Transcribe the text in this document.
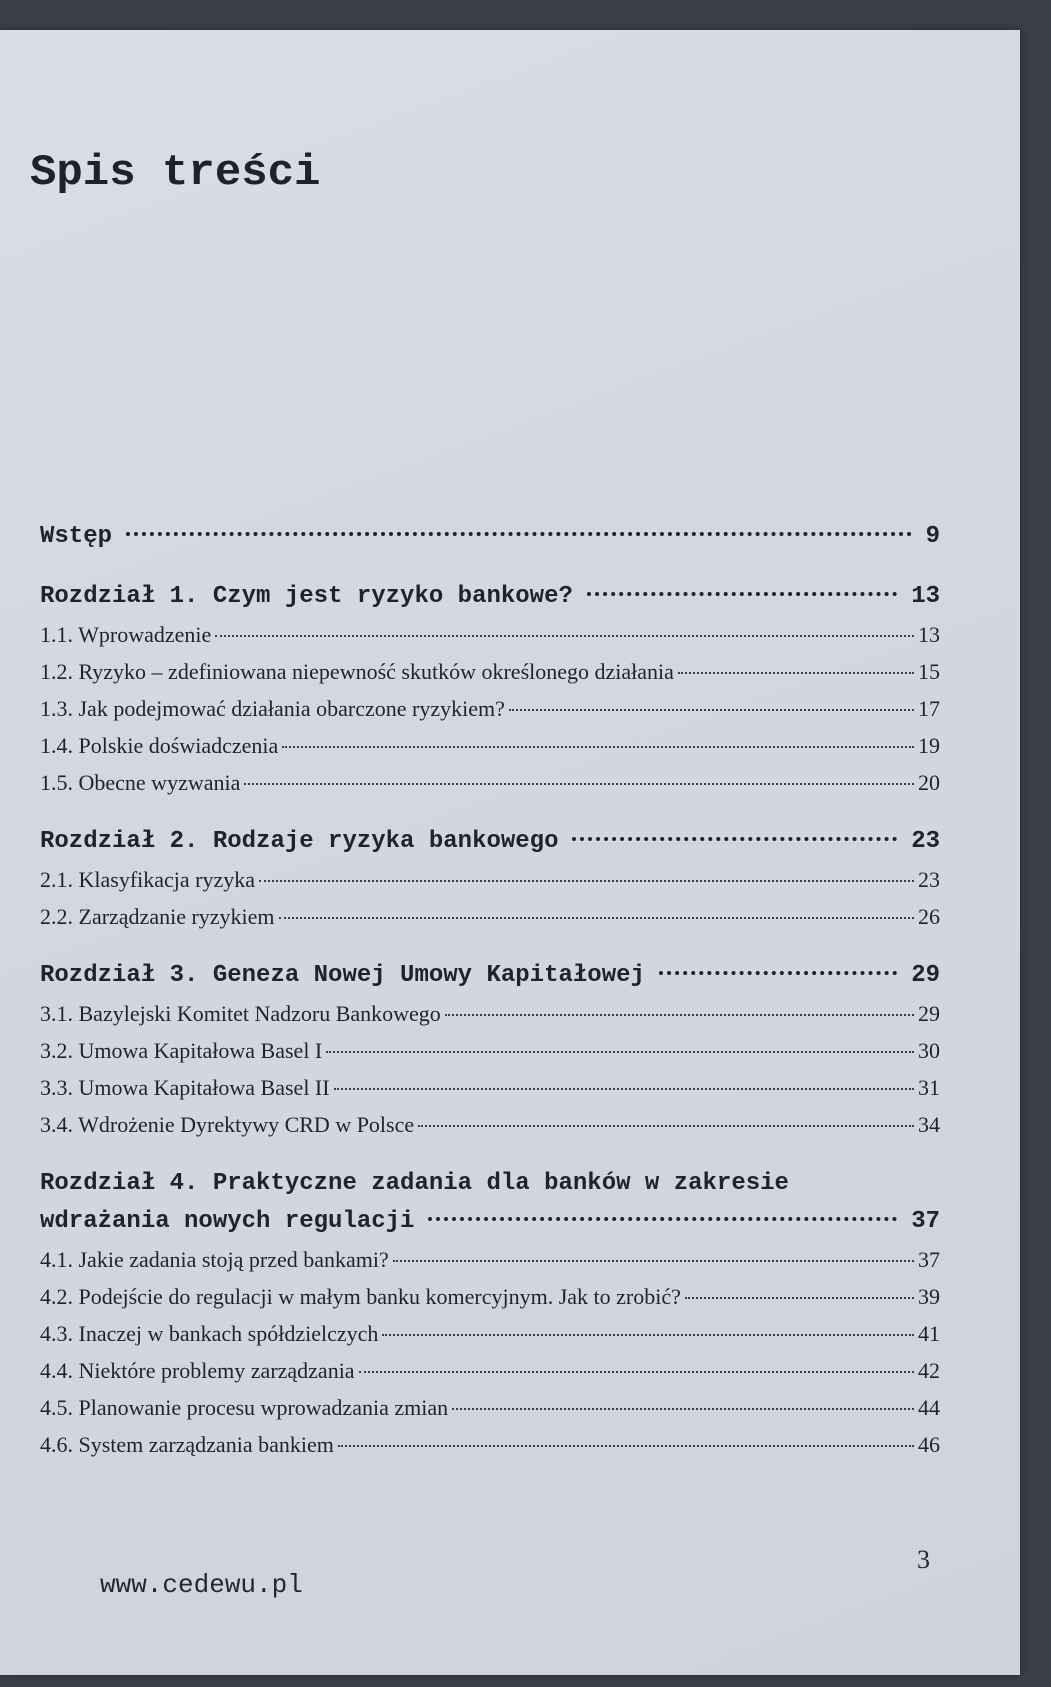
Spis treści
Wstęp	9
Rozdział 1. Czym jest ryzyko bankowe?	13
1.1. Wprowadzenie	13
1.2. Ryzyko – zdefiniowana niepewność skutków określonego działania	15
1.3. Jak podejmować działania obarczone ryzykiem?	17
1.4. Polskie doświadczenia	19
1.5. Obecne wyzwania	20
Rozdział 2. Rodzaje ryzyka bankowego	23
2.1. Klasyfikacja ryzyka	23
2.2. Zarządzanie ryzykiem	26
Rozdział 3. Geneza Nowej Umowy Kapitałowej	29
3.1. Bazylejski Komitet Nadzoru Bankowego	29
3.2. Umowa Kapitałowa Basel I	30
3.3. Umowa Kapitałowa Basel II	31
3.4. Wdrożenie Dyrektywy CRD w Polsce	34
Rozdział 4. Praktyczne zadania dla banków w zakresie
wdrażania nowych regulacji	37
4.1. Jakie zadania stoją przed bankami?	37
4.2. Podejście do regulacji w małym banku komercyjnym. Jak to zrobić?	39
4.3. Inaczej w bankach spółdzielczych	41
4.4. Niektóre problemy zarządzania	42
4.5. Planowanie procesu wprowadzania zmian	44
4.6. System zarządzania bankiem	46
3
www.cedewu.pl
